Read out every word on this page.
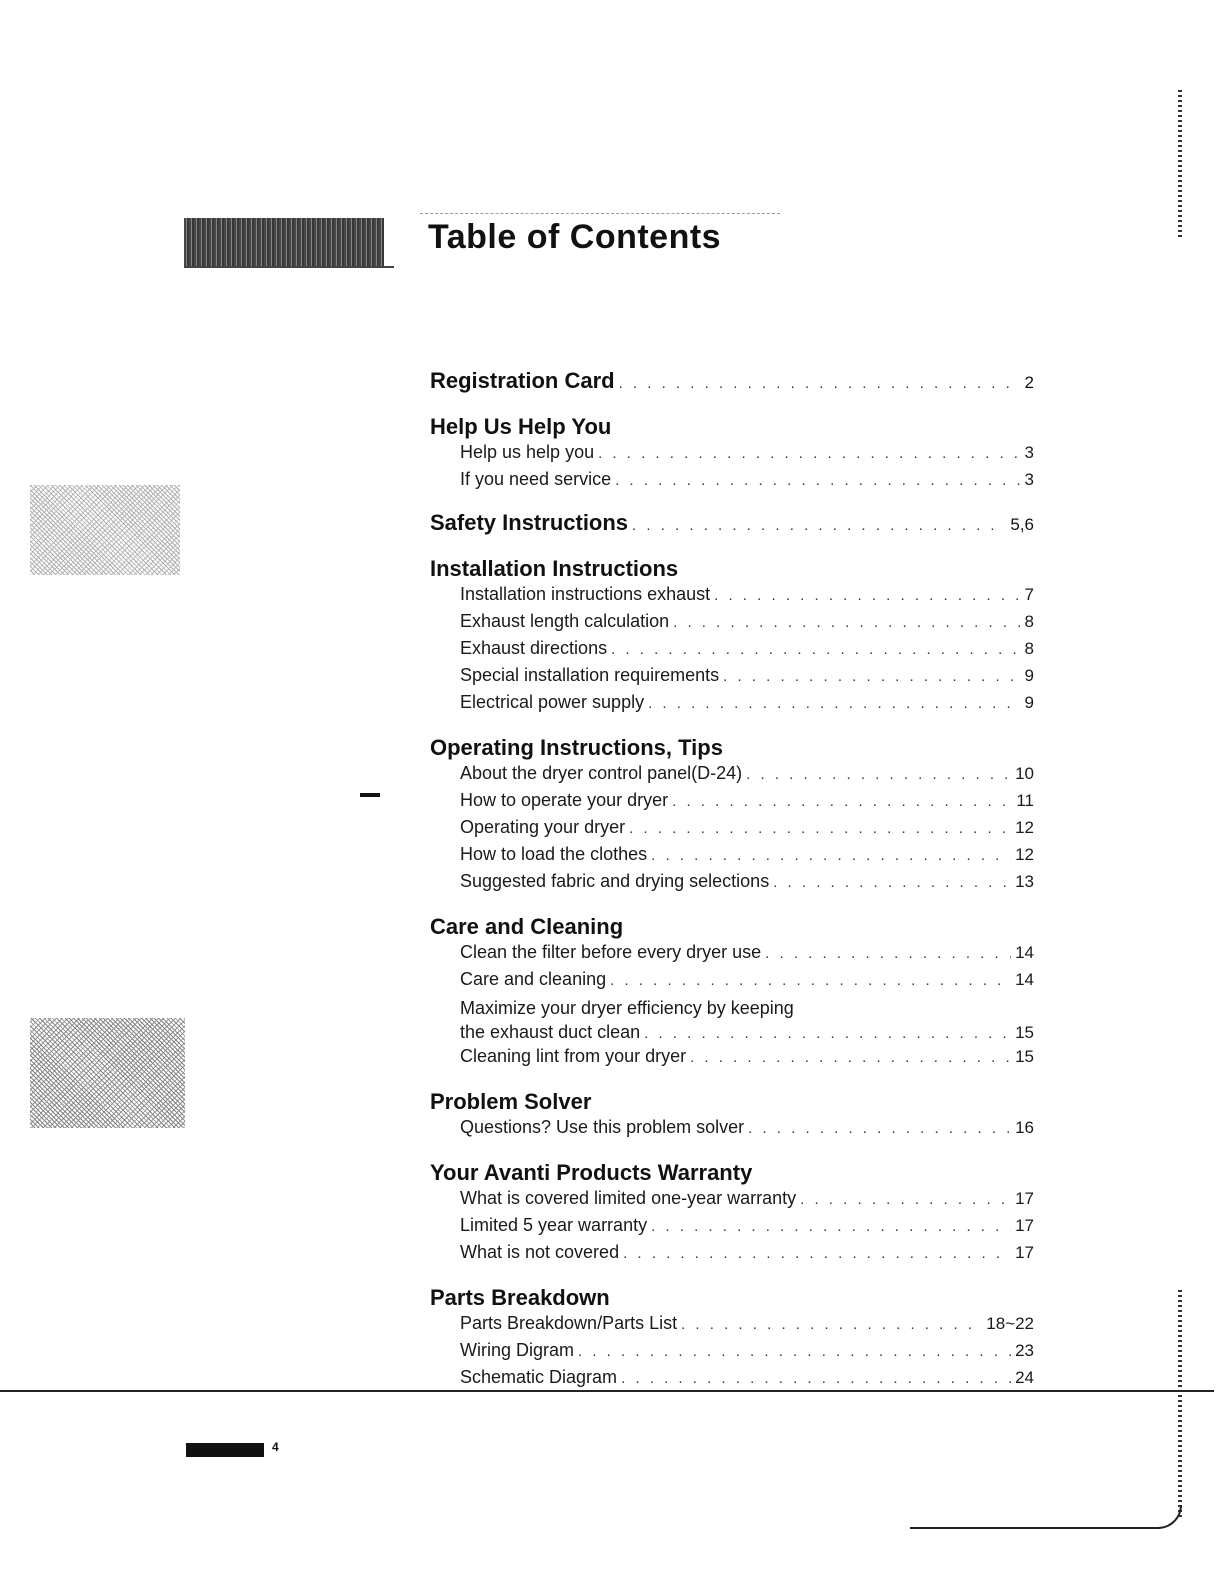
Table of Contents
Registration Card . . .	2
Help Us Help You
Help us help you . . .	3
If you need service . . .	3
Safety Instructions . . .	5,6
Installation Instructions
Installation instructions exhaust . . .	7
Exhaust length calculation . . .	8
Exhaust directions . . .	8
Special installation requirements . . .	9
Electrical power supply . . .	9
Operating Instructions, Tips
About the dryer control panel(D-24) . . .	10
How to operate your dryer . . .	11
Operating your dryer . . .	12
How to load the clothes . . .	12
Suggested fabric and drying selections . . .	13
Care and Cleaning
Clean the filter before every dryer use . . .	14
Care and cleaning . . .	14
Maximize your dryer efficiency by keeping
the exhaust duct clean . . .	15
Cleaning lint from your dryer . . .	15
Problem Solver
Questions? Use this problem solver . . .	16
Your Avanti Products Warranty
What is covered limited one-year warranty . . .	17
Limited 5 year warranty . . .	17
What is not covered . . .	17
Parts Breakdown
Parts Breakdown/Parts List . . .	18~22
Wiring Digram . . .	23
Schematic Diagram . . .	24
4
